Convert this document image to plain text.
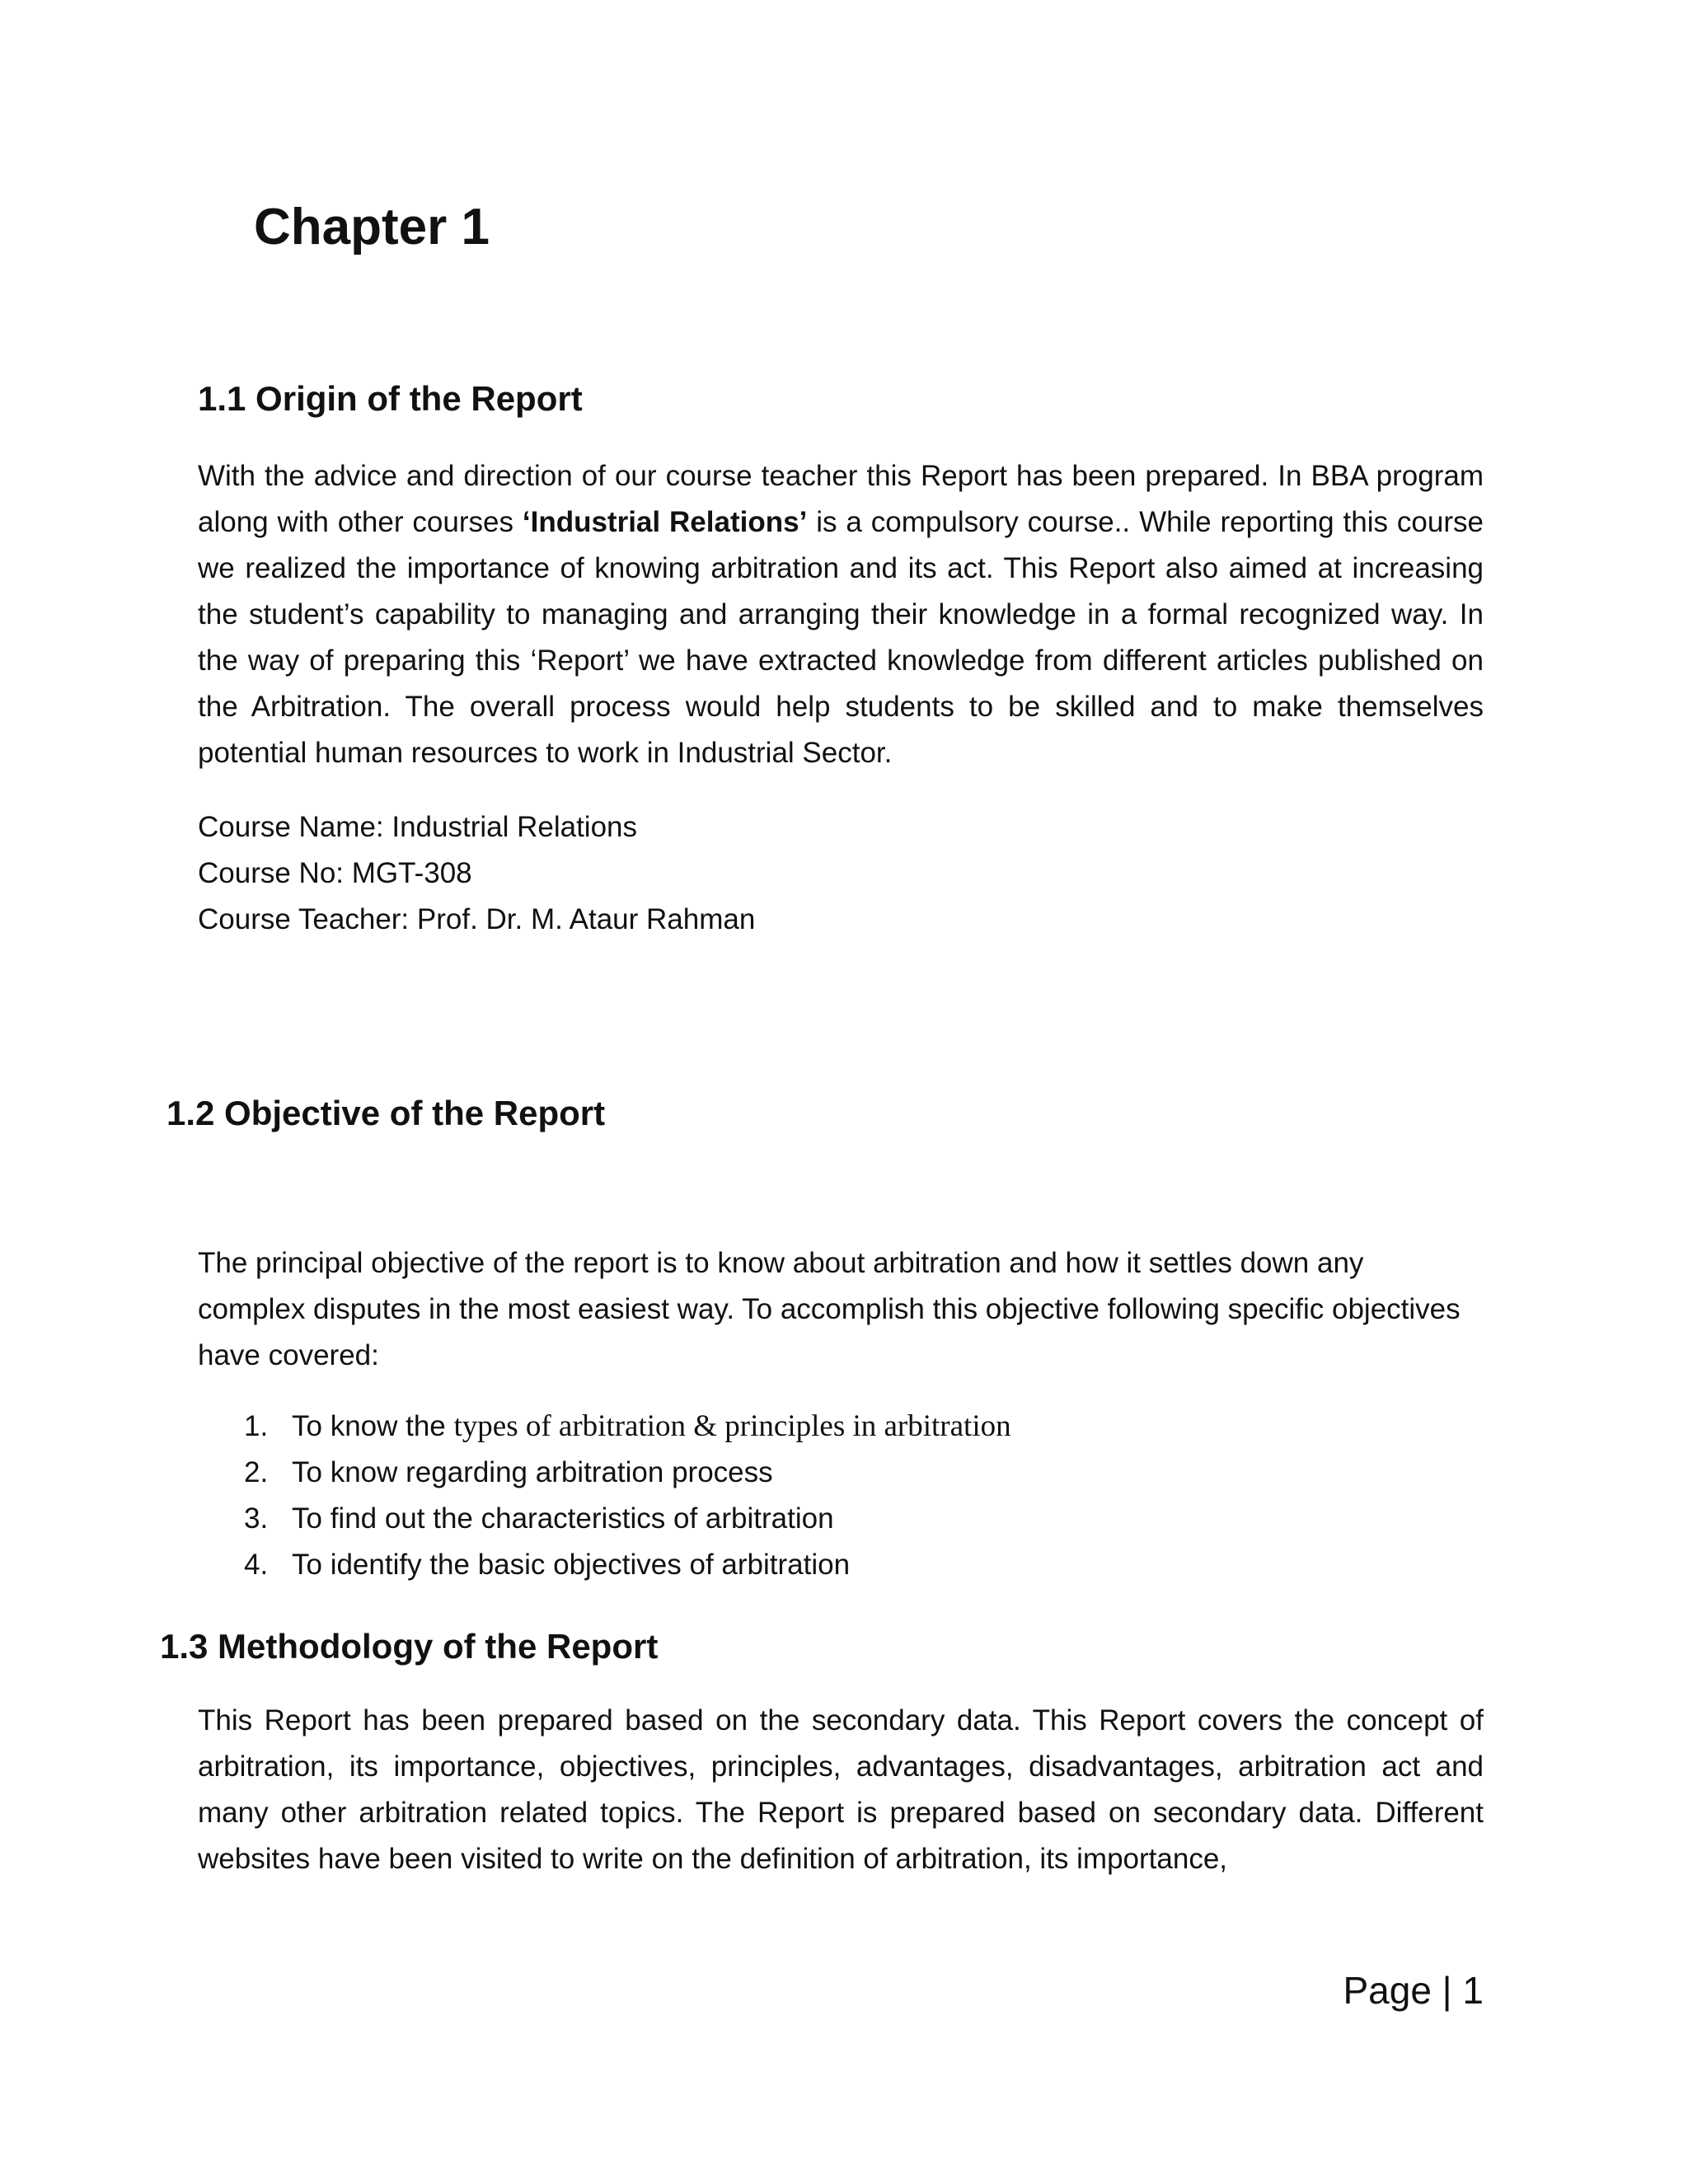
Chapter 1
1.1 Origin of the Report

With the advice and direction of our course teacher this Report has been prepared. In BBA program along with other courses ‘Industrial Relations’ is a compulsory course.. While reporting this course we realized the importance of knowing arbitration and its act. This Report also aimed at increasing the student’s capability to managing and arranging their knowledge in a formal recognized way. In the way of preparing this ‘Report’ we have extracted knowledge from different articles published on the Arbitration. The overall process would help students to be skilled and to make themselves potential human resources to work in Industrial Sector.

Course Name: Industrial Relations
Course No: MGT-308
Course Teacher: Prof. Dr. M. Ataur Rahman
1.2 Objective of the Report

The principal objective of the report is to know about arbitration and how it settles down any complex disputes in the most easiest way. To accomplish this objective following specific objectives have covered:

1. To know the types of arbitration & principles in arbitration
2. To know regarding arbitration process
3. To find out the characteristics of arbitration
4. To identify the basic objectives of arbitration
1.3 Methodology of the Report

This Report has been prepared based on the secondary data. This Report covers the concept of arbitration, its importance, objectives, principles, advantages, disadvantages, arbitration act and many other arbitration related topics. The Report is prepared based on secondary data. Different websites have been visited to write on the definition of arbitration, its importance,

Page | 1
